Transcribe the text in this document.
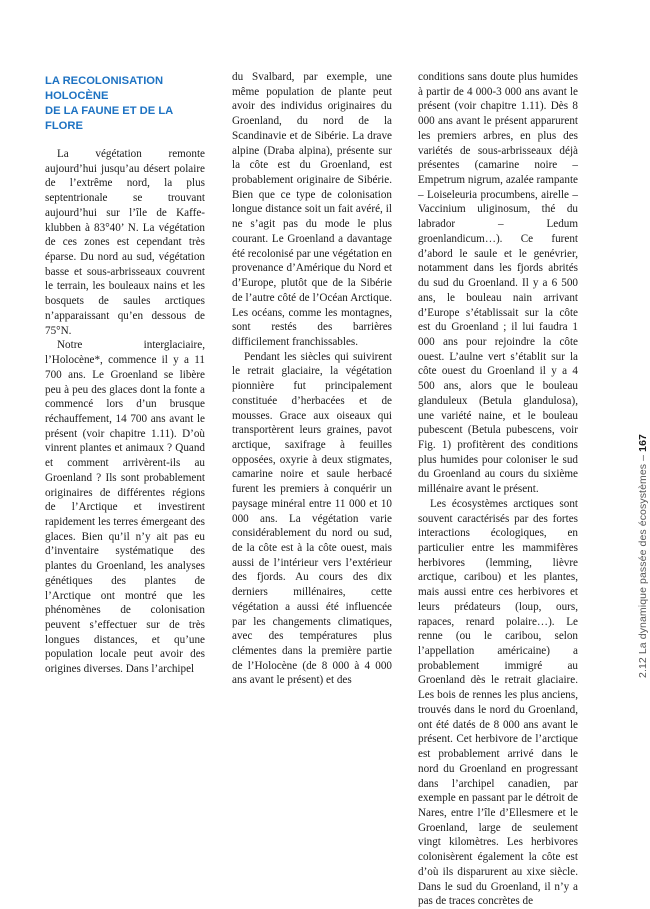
LA RECOLONISATION HOLOCÈNE
DE LA FAUNE ET DE LA FLORE

La végétation remonte aujourd’hui jusqu’au désert polaire de l’extrême nord, la plus septentrionale se trouvant aujourd’hui sur l’île de Kaffe-klubben à 83°40’ N. La végétation de ces zones est cependant très éparse. Du nord au sud, végétation basse et sous-arbrisseaux couvrent le terrain, les bouleaux nains et les bosquets de saules arctiques n’apparaissant qu’en dessous de 75°N.

Notre interglaciaire, l’Holocène*, commence il y a 11 700 ans. Le Groenland se libère peu à peu des glaces dont la fonte a commencé lors d’un brusque réchauffement, 14 700 ans avant le présent (voir chapitre 1.11). D’où vinrent plantes et animaux ? Quand et comment arrivèrent-ils au Groenland ? Ils sont probablement originaires de différentes régions de l’Arctique et investirent rapidement les terres émergeant des glaces. Bien qu’il n’y ait pas eu d’inventaire systématique des plantes du Groenland, les analyses génétiques des plantes de l’Arctique ont montré que les phénomènes de colonisation peuvent s’effectuer sur de très longues distances, et qu’une population locale peut avoir des origines diverses. Dans l’archipel

du Svalbard, par exemple, une même population de plante peut avoir des individus originaires du Groenland, du nord de la Scandinavie et de Sibérie. La drave alpine (Draba alpina), présente sur la côte est du Groenland, est probablement originaire de Sibérie. Bien que ce type de colonisation longue distance soit un fait avéré, il ne s’agit pas du mode le plus courant. Le Groenland a davantage été recolonisé par une végétation en provenance d’Amérique du Nord et d’Europe, plutôt que de la Sibérie de l’autre côté de l’Océan Arctique. Les océans, comme les montagnes, sont restés des barrières difficilement franchissables.

Pendant les siècles qui suivirent le retrait glaciaire, la végétation pionnière fut principalement constituée d’herbacées et de mousses. Grace aux oiseaux qui transportèrent leurs graines, pavot arctique, saxifrage à feuilles opposées, oxyrie à deux stigmates, camarine noire et saule herbacé furent les premiers à conquérir un paysage minéral entre 11 000 et 10 000 ans. La végétation varie considérablement du nord ou sud, de la côte est à la côte ouest, mais aussi de l’intérieur vers l’extérieur des fjords. Au cours des dix derniers millénaires, cette végétation a aussi été influencée par les changements climatiques, avec des températures plus clémentes dans la première partie de l’Holocène (de 8 000 à 4 000 ans avant le présent) et des

conditions sans doute plus humides à partir de 4 000-3 000 ans avant le présent (voir chapitre 1.11). Dès 8 000 ans avant le présent apparurent les premiers arbres, en plus des variétés de sous-arbrisseaux déjà présentes (camarine noire – Empetrum nigrum, azalée rampante – Loiseleuria procumbens, airelle – Vaccinium uliginosum, thé du labrador – Ledum groenlandicum…). Ce furent d’abord le saule et le genévrier, notamment dans les fjords abrités du sud du Groenland. Il y a 6 500 ans, le bouleau nain arrivant d’Europe s’établissait sur la côte est du Groenland ; il lui faudra 1 000 ans pour rejoindre la côte ouest. L’aulne vert s’établit sur la côte ouest du Groenland il y a 4 500 ans, alors que le bouleau glanduleux (Betula glandulosa), une variété naine, et le bouleau pubescent (Betula pubescens, voir Fig. 1) profitèrent des conditions plus humides pour coloniser le sud du Groenland au cours du sixième millénaire avant le présent.

Les écosystèmes arctiques sont souvent caractérisés par des fortes interactions écologiques, en particulier entre les mammifères herbivores (lemming, lièvre arctique, caribou) et les plantes, mais aussi entre ces herbivores et leurs prédateurs (loup, ours, rapaces, renard polaire…). Le renne (ou le caribou, selon l’appellation américaine) a probablement immigré au Groenland dès le retrait glaciaire. Les bois de rennes les plus anciens, trouvés dans le nord du Groenland, ont été datés de 8 000 ans avant le présent. Cet herbivore de l’arctique est probablement arrivé dans le nord du Groenland en progressant dans l’archipel canadien, par exemple en passant par le détroit de Nares, entre l’île d’Ellesmere et le Groenland, large de seulement vingt kilomètres. Les herbivores colonisèrent également la côte est d’où ils disparurent au xixe siècle. Dans le sud du Groenland, il n’y a pas de traces concrètes de

2.12 La dynamique passée des écosystèmes – 167
